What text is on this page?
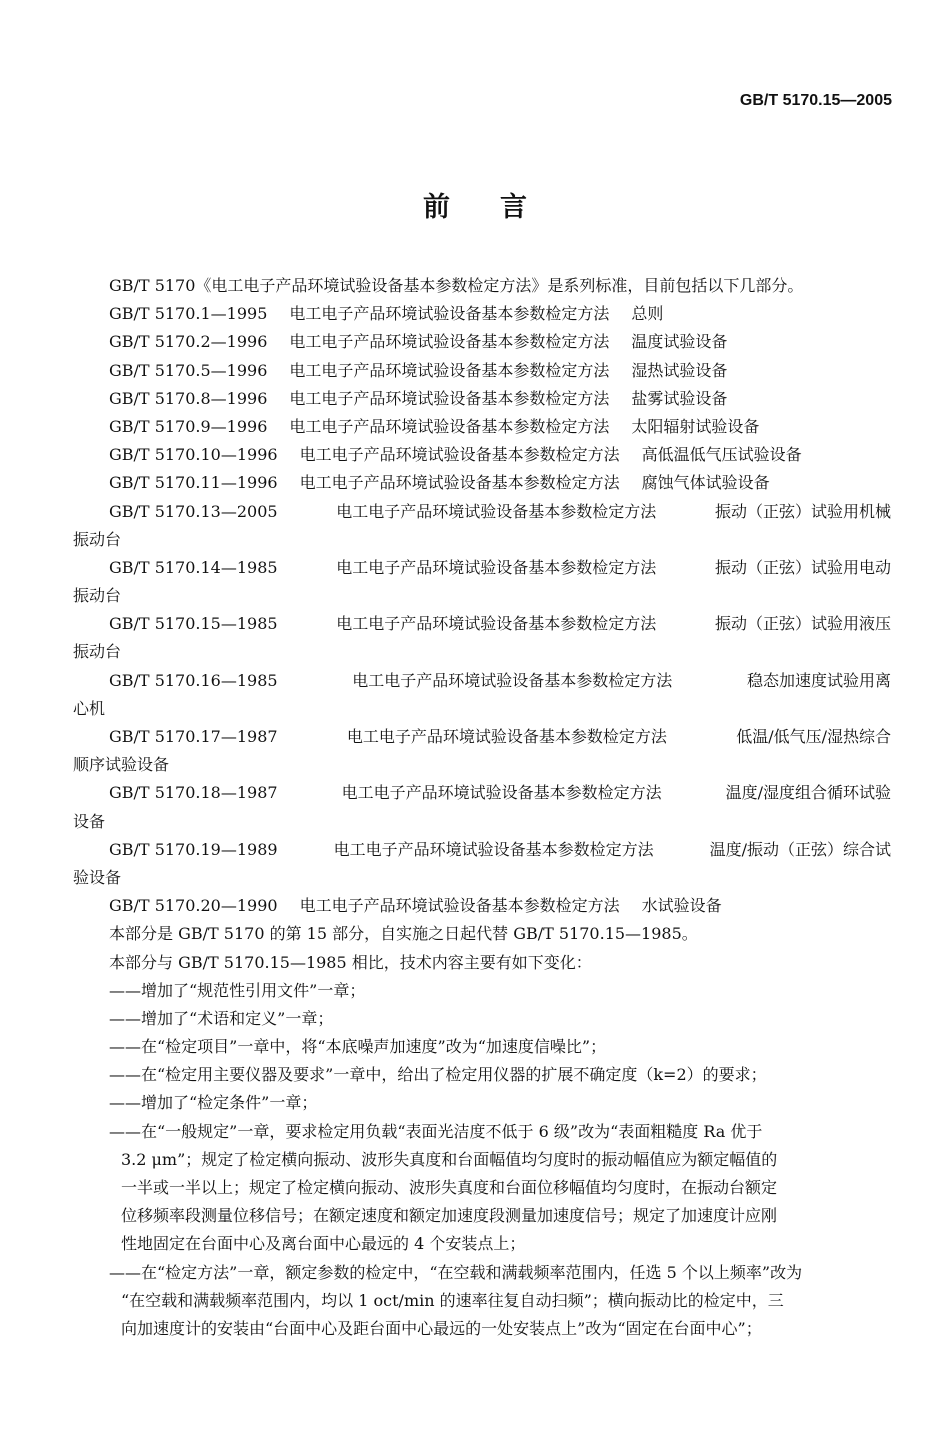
GB/T 5170.15—2005
前言
GB/T 5170《电工电子产品环境试验设备基本参数检定方法》是系列标准，目前包括以下几部分。
GB/T 5170.1—1995 电工电子产品环境试验设备基本参数检定方法 总则
GB/T 5170.2—1996 电工电子产品环境试验设备基本参数检定方法 温度试验设备
GB/T 5170.5—1996 电工电子产品环境试验设备基本参数检定方法 湿热试验设备
GB/T 5170.8—1996 电工电子产品环境试验设备基本参数检定方法 盐雾试验设备
GB/T 5170.9—1996 电工电子产品环境试验设备基本参数检定方法 太阳辐射试验设备
GB/T 5170.10—1996 电工电子产品环境试验设备基本参数检定方法 高低温低气压试验设备
GB/T 5170.11—1996 电工电子产品环境试验设备基本参数检定方法 腐蚀气体试验设备
GB/T 5170.13—2005	电工电子产品环境试验设备基本参数检定方法	振动（正弦）试验用机械
振动台
GB/T 5170.14—1985	电工电子产品环境试验设备基本参数检定方法	振动（正弦）试验用电动
振动台
GB/T 5170.15—1985	电工电子产品环境试验设备基本参数检定方法	振动（正弦）试验用液压
振动台
GB/T 5170.16—1985	电工电子产品环境试验设备基本参数检定方法	稳态加速度试验用离
心机
GB/T 5170.17—1987	电工电子产品环境试验设备基本参数检定方法	低温/低气压/湿热综合
顺序试验设备
GB/T 5170.18—1987	电工电子产品环境试验设备基本参数检定方法	温度/湿度组合循环试验
设备
GB/T 5170.19—1989	电工电子产品环境试验设备基本参数检定方法	温度/振动（正弦）综合试
验设备
GB/T 5170.20—1990 电工电子产品环境试验设备基本参数检定方法 水试验设备
本部分是 GB/T 5170 的第 15 部分，自实施之日起代替 GB/T 5170.15—1985。
本部分与 GB/T 5170.15—1985 相比，技术内容主要有如下变化：
——增加了“规范性引用文件”一章；
——增加了“术语和定义”一章；
——在“检定项目”一章中，将“本底噪声加速度”改为“加速度信噪比”；
——在“检定用主要仪器及要求”一章中，给出了检定用仪器的扩展不确定度（k=2）的要求；
——增加了“检定条件”一章；
——在“一般规定”一章，要求检定用负载“表面光洁度不低于 6 级”改为“表面粗糙度 Ra 优于
3.2 μm”；规定了检定横向振动、波形失真度和台面幅值均匀度时的振动幅值应为额定幅值的
一半或一半以上；规定了检定横向振动、波形失真度和台面位移幅值均匀度时，在振动台额定
位移频率段测量位移信号；在额定速度和额定加速度段测量加速度信号；规定了加速度计应刚
性地固定在台面中心及离台面中心最远的 4 个安装点上；
——在“检定方法”一章，额定参数的检定中，“在空载和满载频率范围内，任选 5 个以上频率”改为
“在空载和满载频率范围内，均以 1 oct/min 的速率往复自动扫频”；横向振动比的检定中，三
向加速度计的安装由“台面中心及距台面中心最远的一处安装点上”改为“固定在台面中心”；
